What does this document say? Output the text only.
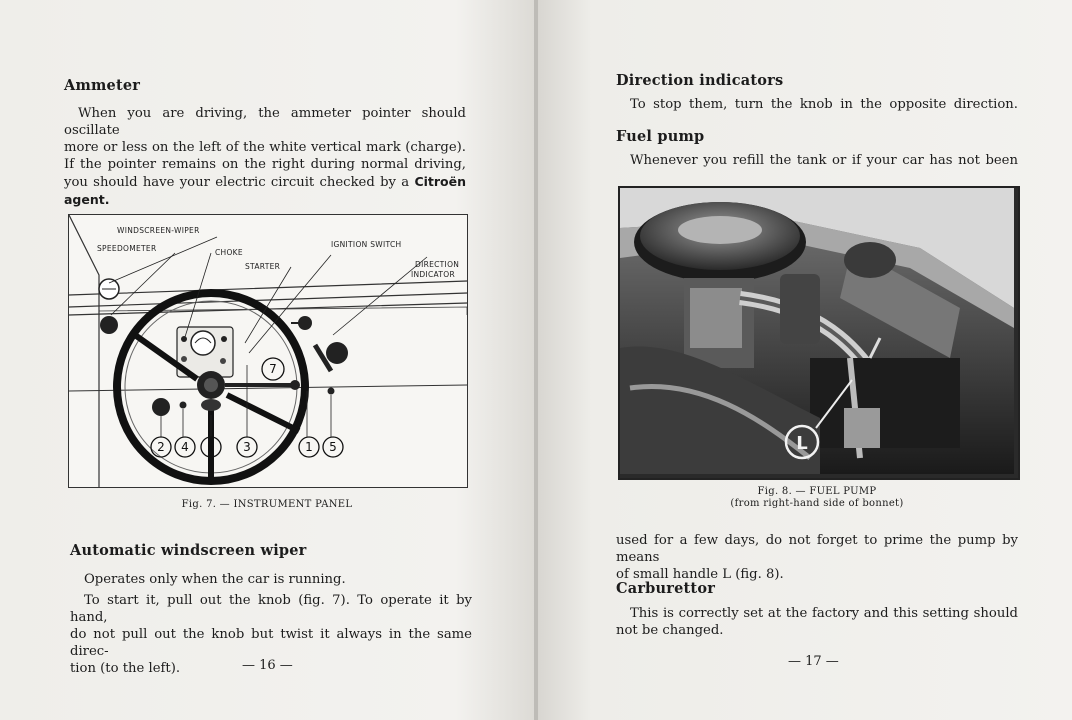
Ammeter

When you are driving, the ammeter pointer should oscillate
more or less on the left of the white vertical mark (charge).
If the pointer remains on the right during normal driving,
you should have your electric circuit checked by a Citroën
agent.
7
WINDSCREEN-WIPER
SPEEDOMETER	CHOKE
STARTER
IGNITION SWITCH
DIRECTION
INDICATOR
2 4 6 3	1 5

Fig. 7. — INSTRUMENT PANEL

Automatic windscreen wiper

Operates only when the car is running.
To start it, pull out the knob (fig. 7). To operate it by hand,
do not pull out the knob but twist it always in the same direc-
tion (to the left).	— 16 —

Direction indicators

To stop them, turn the knob in the opposite direction.

Fuel pump

Whenever you refill the tank or if your car has not been
L

Fig. 8. — FUEL PUMP
(from right-hand side of bonnet)

used for a few days, do not forget to prime the pump by means
of small handle L (fig. 8).

Carburettor

This is correctly set at the factory and this setting should
not be changed.
— 17 —
